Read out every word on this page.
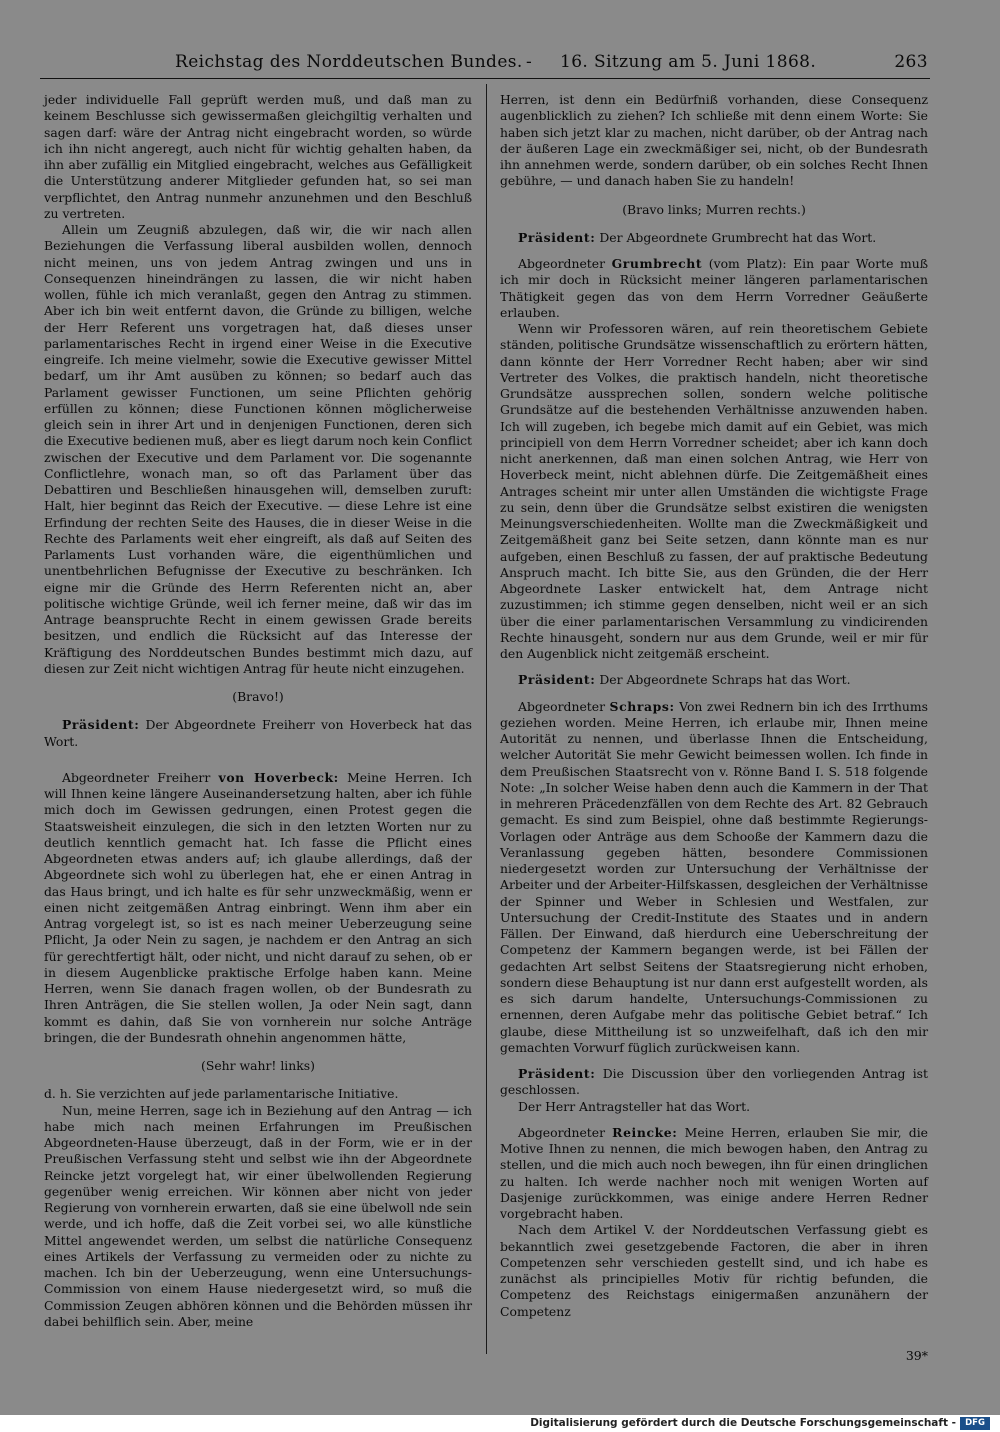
Reichstag des Norddeutschen Bundes. - 16. Sitzung am 5. Juni 1868.	263

jeder individuelle Fall geprüft werden muß, und daß man zu keinem Beschlusse sich gewissermaßen gleichgiltig verhalten und sagen darf: wäre der Antrag nicht eingebracht worden, so würde ich ihn nicht angeregt, auch nicht für wichtig gehalten haben, da ihn aber zufällig ein Mitglied eingebracht, welches aus Gefälligkeit die Unterstützung anderer Mitglieder gefunden hat, so sei man verpflichtet, den Antrag nunmehr anzunehmen und den Beschluß zu vertreten.

Allein um Zeugniß abzulegen, daß wir, die wir nach allen Beziehungen die Verfassung liberal ausbilden wollen, dennoch nicht meinen, uns von jedem Antrag zwingen und uns in Consequenzen hineindrängen zu lassen, die wir nicht haben wollen, fühle ich mich veranlaßt, gegen den Antrag zu stimmen. Aber ich bin weit entfernt davon, die Gründe zu billigen, welche der Herr Referent uns vorgetragen hat, daß dieses unser parlamentarisches Recht in irgend einer Weise in die Executive eingreife. Ich meine vielmehr, sowie die Executive gewisser Mittel bedarf, um ihr Amt ausüben zu können; so bedarf auch das Parlament gewisser Functionen, um seine Pflichten gehörig erfüllen zu können; diese Functionen können möglicherweise gleich sein in ihrer Art und in denjenigen Functionen, deren sich die Executive bedienen muß, aber es liegt darum noch kein Conflict zwischen der Executive und dem Parlament vor. Die sogenannte Conflictlehre, wonach man, so oft das Parlament über das Debattiren und Beschließen hinausgehen will, demselben zuruft: Halt, hier beginnt das Reich der Executive. — diese Lehre ist eine Erfindung der rechten Seite des Hauses, die in dieser Weise in die Rechte des Parlaments weit eher eingreift, als daß auf Seiten des Parlaments Lust vorhanden wäre, die eigenthümlichen und unentbehrlichen Befugnisse der Executive zu beschränken. Ich eigne mir die Gründe des Herrn Referenten nicht an, aber politische wichtige Gründe, weil ich ferner meine, daß wir das im Antrage beanspruchte Recht in einem gewissen Grade bereits besitzen, und endlich die Rücksicht auf das Interesse der Kräftigung des Norddeutschen Bundes bestimmt mich dazu, auf diesen zur Zeit nicht wichtigen Antrag für heute nicht einzugehen.

(Bravo!)

Präsident: Der Abgeordnete Freiherr von Hoverbeck hat das Wort.

Abgeordneter Freiherr von Hoverbeck: Meine Herren. Ich will Ihnen keine längere Auseinandersetzung halten, aber ich fühle mich doch im Gewissen gedrungen, einen Protest gegen die Staatsweisheit einzulegen, die sich in den letzten Worten nur zu deutlich kenntlich gemacht hat. Ich fasse die Pflicht eines Abgeordneten etwas anders auf; ich glaube allerdings, daß der Abgeordnete sich wohl zu überlegen hat, ehe er einen Antrag in das Haus bringt, und ich halte es für sehr unzweckmäßig, wenn er einen nicht zeitgemäßen Antrag einbringt. Wenn ihm aber ein Antrag vorgelegt ist, so ist es nach meiner Ueberzeugung seine Pflicht, Ja oder Nein zu sagen, je nachdem er den Antrag an sich für gerechtfertigt hält, oder nicht, und nicht darauf zu sehen, ob er in diesem Augenblicke praktische Erfolge haben kann. Meine Herren, wenn Sie danach fragen wollen, ob der Bundesrath zu Ihren Anträgen, die Sie stellen wollen, Ja oder Nein sagt, dann kommt es dahin, daß Sie von vornherein nur solche Anträge bringen, die der Bundesrath ohnehin angenommen hätte,

(Sehr wahr! links)

d. h. Sie verzichten auf jede parlamentarische Initiative.

Nun, meine Herren, sage ich in Beziehung auf den Antrag — ich habe mich nach meinen Erfahrungen im Preußischen Abgeordneten-Hause überzeugt, daß in der Form, wie er in der Preußischen Verfassung steht und selbst wie ihn der Abgeordnete Reincke jetzt vorgelegt hat, wir einer übelwollenden Regierung gegenüber wenig erreichen. Wir können aber nicht von jeder Regierung von vornherein erwarten, daß sie eine übelwoll nde sein werde, und ich hoffe, daß die Zeit vorbei sei, wo alle künstliche Mittel angewendet werden, um selbst die natürliche Consequenz eines Artikels der Verfassung zu vermeiden oder zu nichte zu machen. Ich bin der Ueberzeugung, wenn eine Untersuchungs-Commission von einem Hause niedergesetzt wird, so muß die Commission Zeugen abhören können und die Behörden müssen ihr dabei behilflich sein. Aber, meine

Herren, ist denn ein Bedürfniß vorhanden, diese Consequenz augenblicklich zu ziehen? Ich schließe mit denn einem Worte: Sie haben sich jetzt klar zu machen, nicht darüber, ob der Antrag nach der äußeren Lage ein zweckmäßiger sei, nicht, ob der Bundesrath ihn annehmen werde, sondern darüber, ob ein solches Recht Ihnen gebühre, — und danach haben Sie zu handeln!

(Bravo links; Murren rechts.)

Präsident: Der Abgeordnete Grumbrecht hat das Wort.

Abgeordneter Grumbrecht (vom Platz): Ein paar Worte muß ich mir doch in Rücksicht meiner längeren parlamentarischen Thätigkeit gegen das von dem Herrn Vorredner Geäußerte erlauben.

Wenn wir Professoren wären, auf rein theoretischem Gebiete ständen, politische Grundsätze wissenschaftlich zu erörtern hätten, dann könnte der Herr Vorredner Recht haben; aber wir sind Vertreter des Volkes, die praktisch handeln, nicht theoretische Grundsätze aussprechen sollen, sondern welche politische Grundsätze auf die bestehenden Verhältnisse anzuwenden haben. Ich will zugeben, ich begebe mich damit auf ein Gebiet, was mich principiell von dem Herrn Vorredner scheidet; aber ich kann doch nicht anerkennen, daß man einen solchen Antrag, wie Herr von Hoverbeck meint, nicht ablehnen dürfe. Die Zeitgemäßheit eines Antrages scheint mir unter allen Umständen die wichtigste Frage zu sein, denn über die Grundsätze selbst existiren die wenigsten Meinungsverschiedenheiten. Wollte man die Zweckmäßigkeit und Zeitgemäßheit ganz bei Seite setzen, dann könnte man es nur aufgeben, einen Beschluß zu fassen, der auf praktische Bedeutung Anspruch macht. Ich bitte Sie, aus den Gründen, die der Herr Abgeordnete Lasker entwickelt hat, dem Antrage nicht zuzustimmen; ich stimme gegen denselben, nicht weil er an sich über die einer parlamentarischen Versammlung zu vindicirenden Rechte hinausgeht, sondern nur aus dem Grunde, weil er mir für den Augenblick nicht zeitgemäß erscheint.

Präsident: Der Abgeordnete Schraps hat das Wort.

Abgeordneter Schraps: Von zwei Rednern bin ich des Irrthums geziehen worden. Meine Herren, ich erlaube mir, Ihnen meine Autorität zu nennen, und überlasse Ihnen die Entscheidung, welcher Autorität Sie mehr Gewicht beimessen wollen. Ich finde in dem Preußischen Staatsrecht von v. Rönne Band I. S. 518 folgende Note: „In solcher Weise haben denn auch die Kammern in der That in mehreren Präcedenzfällen von dem Rechte des Art. 82 Gebrauch gemacht. Es sind zum Beispiel, ohne daß bestimmte Regierungs-Vorlagen oder Anträge aus dem Schooße der Kammern dazu die Veranlassung gegeben hätten, besondere Commissionen niedergesetzt worden zur Untersuchung der Verhältnisse der Arbeiter und der Arbeiter-Hilfskassen, desgleichen der Verhältnisse der Spinner und Weber in Schlesien und Westfalen, zur Untersuchung der Credit-Institute des Staates und in andern Fällen. Der Einwand, daß hierdurch eine Ueberschreitung der Competenz der Kammern begangen werde, ist bei Fällen der gedachten Art selbst Seitens der Staatsregierung nicht erhoben, sondern diese Behauptung ist nur dann erst aufgestellt worden, als es sich darum handelte, Untersuchungs-Commissionen zu ernennen, deren Aufgabe mehr das politische Gebiet betraf.“ Ich glaube, diese Mittheilung ist so unzweifelhaft, daß ich den mir gemachten Vorwurf füglich zurückweisen kann.

Präsident: Die Discussion über den vorliegenden Antrag ist geschlossen.

Der Herr Antragsteller hat das Wort.

Abgeordneter Reincke: Meine Herren, erlauben Sie mir, die Motive Ihnen zu nennen, die mich bewogen haben, den Antrag zu stellen, und die mich auch noch bewegen, ihn für einen dringlichen zu halten. Ich werde nachher noch mit wenigen Worten auf Dasjenige zurückkommen, was einige andere Herren Redner vorgebracht haben.

Nach dem Artikel V. der Norddeutschen Verfassung giebt es bekanntlich zwei gesetzgebende Factoren, die aber in ihren Competenzen sehr verschieden gestellt sind, und ich habe es zunächst als principielles Motiv für richtig befunden, die Competenz des Reichstags einigermaßen anzunähern der Competenz

39*
Digitalisierung gefördert durch die Deutsche Forschungsgemeinschaft -	DFG
